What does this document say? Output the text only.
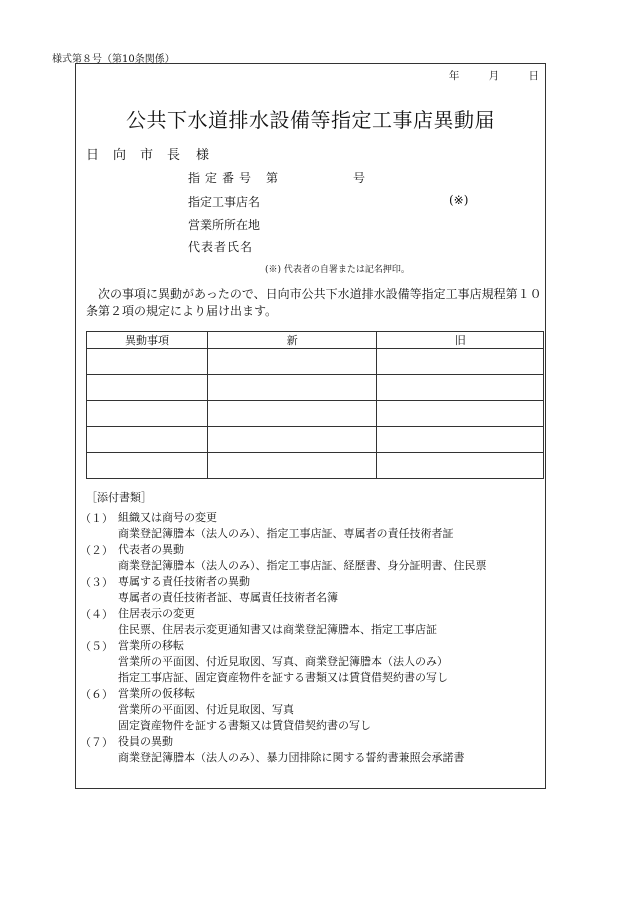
様式第８号（第10条関係）
年	月	日
公共下水道排水設備等指定工事店異動届
日向市長 様
指定番号 第	号
指定工事店名	(※)
営業所所在地
代表者氏名
(※) 代表者の自署または記名押印。
次の事項に異動があったので、日向市公共下水道排水設備等指定工事店規程第１０条第２項の規定により届け出ます。
異動事項	新	旧

［添付書類］
（１） 組織又は商号の変更
商業登記簿謄本（法人のみ）、指定工事店証、専属者の責任技術者証
（２） 代表者の異動
商業登記簿謄本（法人のみ）、指定工事店証、経歴書、身分証明書、住民票
（３） 専属する責任技術者の異動
専属者の責任技術者証、専属責任技術者名簿
（４） 住居表示の変更
住民票、住居表示変更通知書又は商業登記簿謄本、指定工事店証
（５） 営業所の移転
営業所の平面図、付近見取図、写真、商業登記簿謄本（法人のみ）
指定工事店証、固定資産物件を証する書類又は賃貸借契約書の写し
（６） 営業所の仮移転
営業所の平面図、付近見取図、写真
固定資産物件を証する書類又は賃貸借契約書の写し
（７） 役員の異動
商業登記簿謄本（法人のみ）、暴力団排除に関する誓約書兼照会承諾書
